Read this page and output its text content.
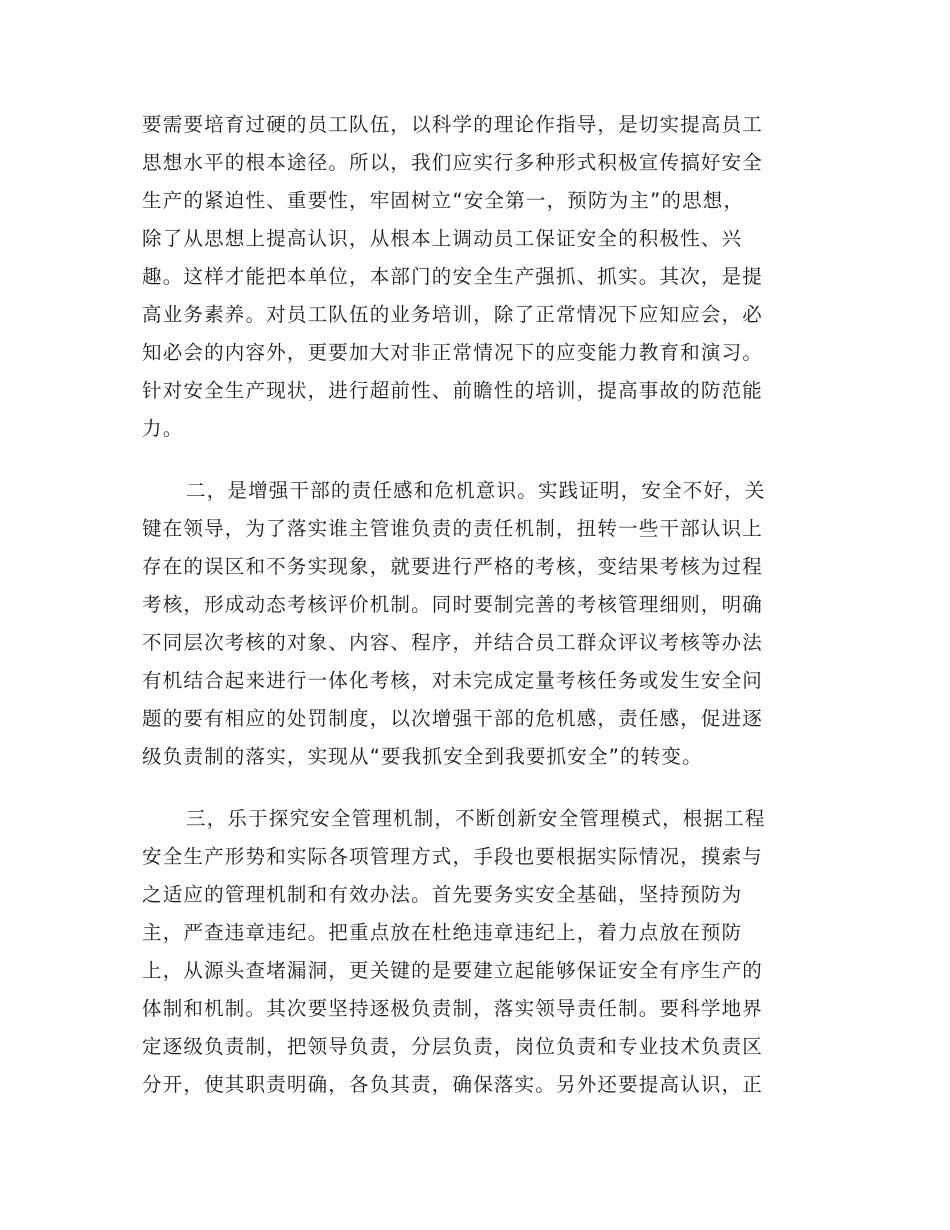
要需要培育过硬的员工队伍，以科学的理论作指导，是切实提高员工
思想水平的根本途径。所以，我们应实行多种形式积极宣传搞好安全
生产的紧迫性、重要性，牢固树立“安全第一，预防为主”的思想，
除了从思想上提高认识，从根本上调动员工保证安全的积极性、兴
趣。这样才能把本单位，本部门的安全生产强抓、抓实。其次，是提
高业务素养。对员工队伍的业务培训，除了正常情况下应知应会，必
知必会的内容外，更要加大对非正常情况下的应变能力教育和演习。
针对安全生产现状，进行超前性、前瞻性的培训，提高事故的防范能
力。

二，是增强干部的责任感和危机意识。实践证明，安全不好，关
键在领导，为了落实谁主管谁负责的责任机制，扭转一些干部认识上
存在的误区和不务实现象，就要进行严格的考核，变结果考核为过程
考核，形成动态考核评价机制。同时要制完善的考核管理细则，明确
不同层次考核的对象、内容、程序，并结合员工群众评议考核等办法
有机结合起来进行一体化考核，对未完成定量考核任务或发生安全问
题的要有相应的处罚制度，以次增强干部的危机感，责任感，促进逐
级负责制的落实，实现从“要我抓安全到我要抓安全”的转变。

三，乐于探究安全管理机制，不断创新安全管理模式，根据工程
安全生产形势和实际各项管理方式，手段也要根据实际情况，摸索与
之适应的管理机制和有效办法。首先要务实安全基础，坚持预防为
主，严查违章违纪。把重点放在杜绝违章违纪上，着力点放在预防
上，从源头查堵漏洞，更关键的是要建立起能够保证安全有序生产的
体制和机制。其次要坚持逐极负责制，落实领导责任制。要科学地界
定逐级负责制，把领导负责，分层负责，岗位负责和专业技术负责区
分开，使其职责明确，各负其责，确保落实。另外还要提高认识，正
